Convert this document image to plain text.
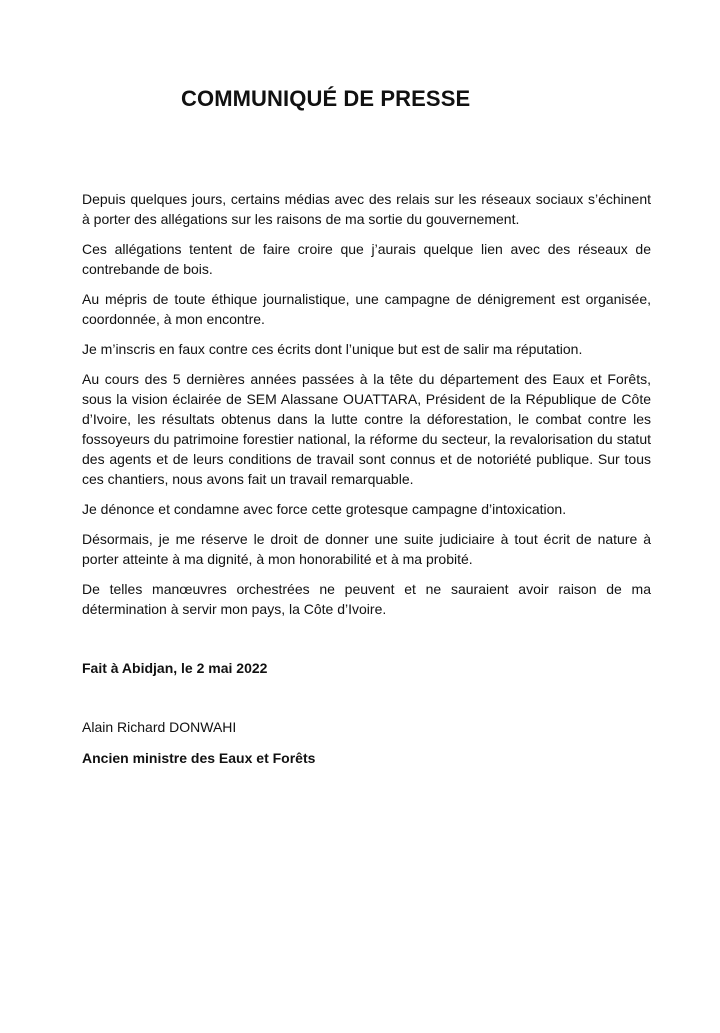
COMMUNIQUÉ DE PRESSE

Depuis quelques jours, certains médias avec des relais sur les réseaux sociaux s’échinent à porter des allégations sur les raisons de ma sortie du gouvernement.

Ces allégations tentent de faire croire que j’aurais quelque lien avec des réseaux de contrebande de bois.

Au mépris de toute éthique journalistique, une campagne de dénigrement est organisée, coordonnée, à mon encontre.

Je m’inscris en faux contre ces écrits dont l’unique but est de salir ma réputation.

Au cours des 5 dernières années passées à la tête du département des Eaux et Forêts, sous la vision éclairée de SEM Alassane OUATTARA, Président de la République de Côte d’Ivoire, les résultats obtenus dans la lutte contre la déforestation, le combat contre les fossoyeurs du patrimoine forestier national, la réforme du secteur, la revalorisation du statut des agents et de leurs conditions de travail sont connus et de notoriété publique. Sur tous ces chantiers, nous avons fait un travail remarquable.

Je dénonce et condamne avec force cette grotesque campagne d’intoxication.

Désormais, je me réserve le droit de donner une suite judiciaire à tout écrit de nature à porter atteinte à ma dignité, à mon honorabilité et à ma probité.

De telles manœuvres orchestrées ne peuvent et ne sauraient avoir raison de ma détermination à servir mon pays, la Côte d’Ivoire.

Fait à Abidjan, le 2 mai 2022

Alain Richard DONWAHI

Ancien ministre des Eaux et Forêts
